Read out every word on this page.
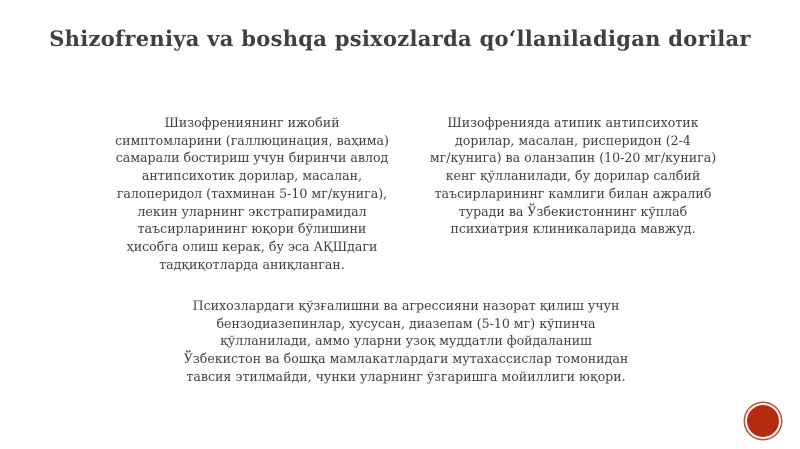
Shizofreniya va boshqa psixozlarda qo‘llaniladigan dorilar

Шизофрениянинг ижобий
симптомларини (галлюцинация, ваҳима)
самарали бостириш учун биринчи авлод
антипсихотик дорилар, масалан,
галоперидол (тахминан 5-10 мг/кунига),
лекин уларнинг экстрапирамидал
таъсирларининг юқори бўлишини
ҳисобга олиш керак, бу эса АҚШдаги
тадқиқотларда аниқланган.

Шизофренияда атипик антипсихотик
дорилар, масалан, рисперидон (2-4
мг/кунига) ва оланзапин (10-20 мг/кунига)
кенг қўлланилади, бу дорилар салбий
таъсирларининг камлиги билан ажралиб
туради ва Ўзбекистоннинг кўплаб
психиатрия клиникаларида мавжуд.

Психозлардаги қўзғалишни ва агрессияни назорат қилиш учун
бензодиазепинлар, хусусан, диазепам (5-10 мг) кўпинча
қўлланилади, аммо уларни узоқ муддатли фойдаланиш
Ўзбекистон ва бошқа мамлакатлардаги мутахассислар томонидан
тавсия этилмайди, чунки уларнинг ўзгаришга мойиллиги юқори.
